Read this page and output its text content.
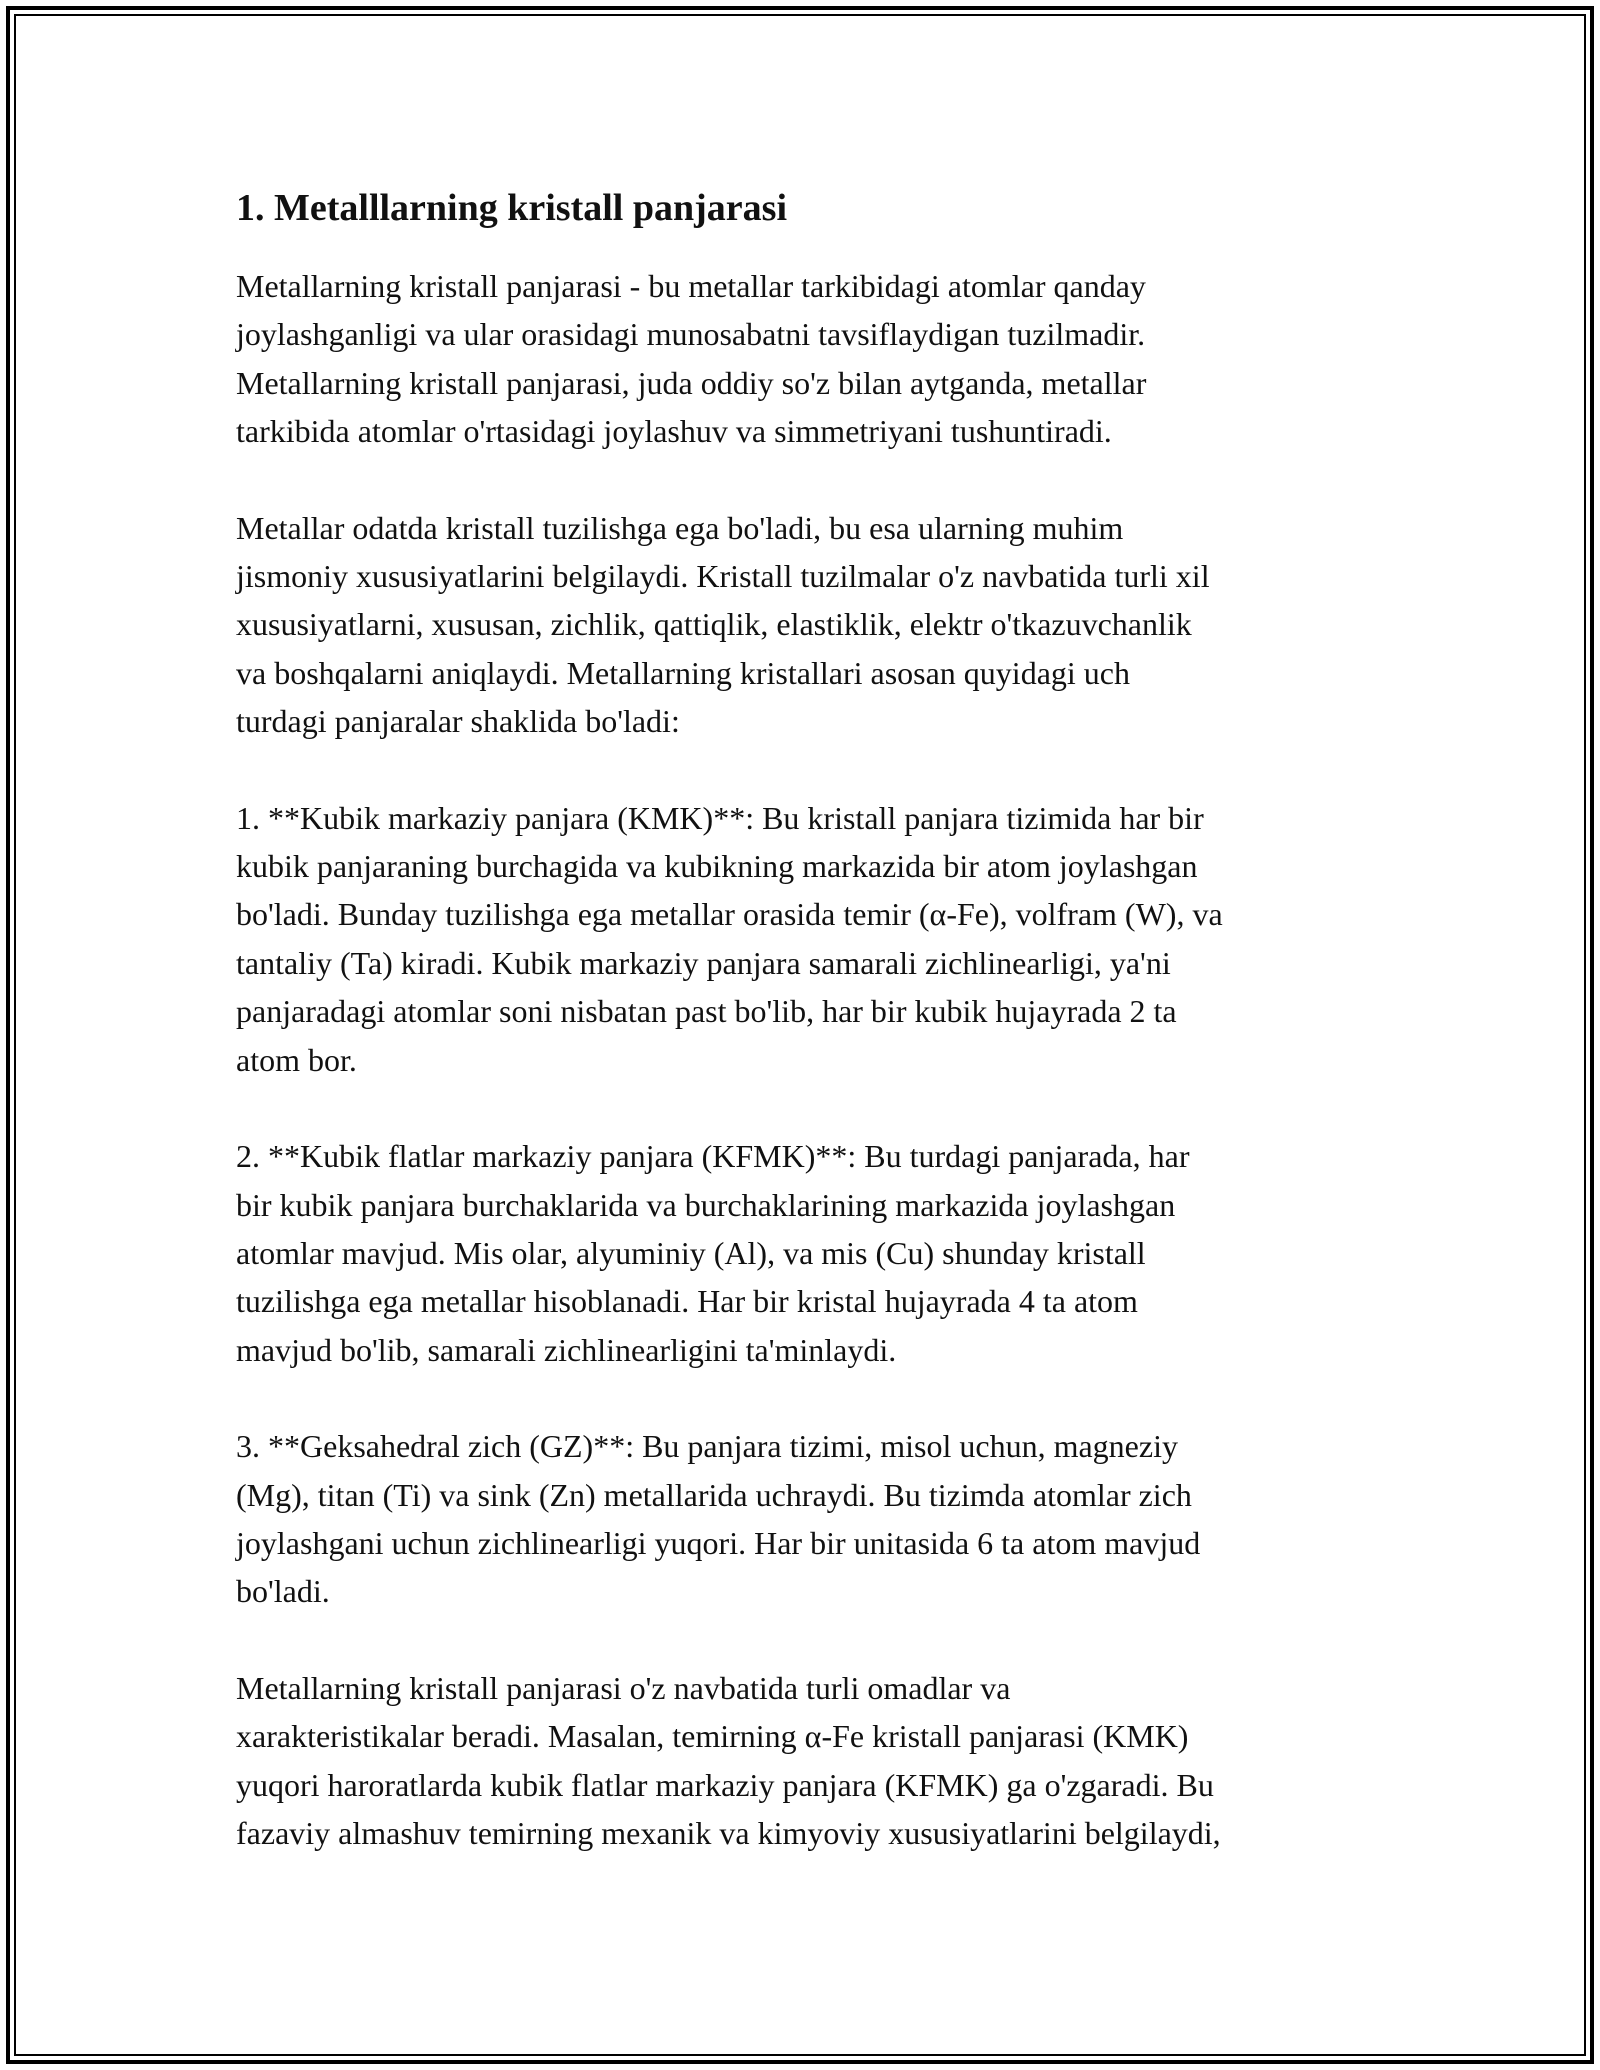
1. Metalllarning kristall panjarasi

Metallarning kristall panjarasi - bu metallar tarkibidagi atomlar qanday
joylashganligi va ular orasidagi munosabatni tavsiflaydigan tuzilmadir.
Metallarning kristall panjarasi, juda oddiy so'z bilan aytganda, metallar
tarkibida atomlar o'rtasidagi joylashuv va simmetriyani tushuntiradi.

Metallar odatda kristall tuzilishga ega bo'ladi, bu esa ularning muhim
jismoniy xususiyatlarini belgilaydi. Kristall tuzilmalar o'z navbatida turli xil
xususiyatlarni, xususan, zichlik, qattiqlik, elastiklik, elektr o'tkazuvchanlik
va boshqalarni aniqlaydi. Metallarning kristallari asosan quyidagi uch
turdagi panjaralar shaklida bo'ladi:

1. **Kubik markaziy panjara (KMK)**: Bu kristall panjara tizimida har bir
kubik panjaraning burchagida va kubikning markazida bir atom joylashgan
bo'ladi. Bunday tuzilishga ega metallar orasida temir (α-Fe), volfram (W), va
tantaliy (Ta) kiradi. Kubik markaziy panjara samarali zichlinearligi, ya'ni
panjaradagi atomlar soni nisbatan past bo'lib, har bir kubik hujayrada 2 ta
atom bor.

2. **Kubik flatlar markaziy panjara (KFMK)**: Bu turdagi panjarada, har
bir kubik panjara burchaklarida va burchaklarining markazida joylashgan
atomlar mavjud. Mis olar, alyuminiy (Al), va mis (Cu) shunday kristall
tuzilishga ega metallar hisoblanadi. Har bir kristal hujayrada 4 ta atom
mavjud bo'lib, samarali zichlinearligini ta'minlaydi.

3. **Geksahedral zich (GZ)**: Bu panjara tizimi, misol uchun, magneziy
(Mg), titan (Ti) va sink (Zn) metallarida uchraydi. Bu tizimda atomlar zich
joylashgani uchun zichlinearligi yuqori. Har bir unitasida 6 ta atom mavjud
bo'ladi.

Metallarning kristall panjarasi o'z navbatida turli omadlar va
xarakteristikalar beradi. Masalan, temirning α-Fe kristall panjarasi (KMK)
yuqori haroratlarda kubik flatlar markaziy panjara (KFMK) ga o'zgaradi. Bu
fazaviy almashuv temirning mexanik va kimyoviy xususiyatlarini belgilaydi,
